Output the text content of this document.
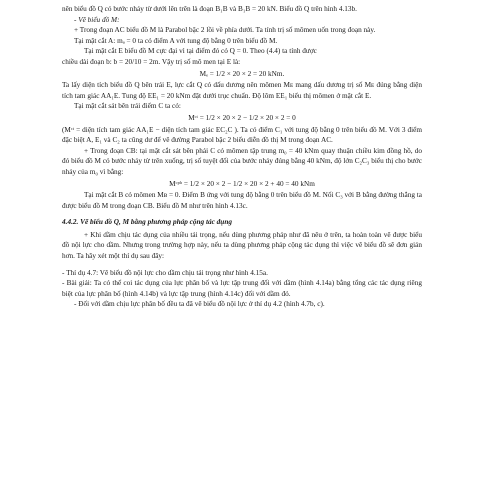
nên biểu đồ Q có bước nhảy từ dưới lên trên là đoạn B₁B và B₁B = 20 kN. Biểu đồ Q trên hình 4.13b.

- Vẽ biểu đồ M:

+ Trong đoạn AC biểu đồ M là Parabol bậc 2 lồi về phía dưới. Ta tính trị số mômen uốn trong đoạn này.

Tại mặt cắt A: mₐ = 0 ta có điểm A với tung độ bằng 0 trên biểu đồ M.

Tại mặt cắt E biểu đồ M cực đại vì tại điểm đó có Q = 0. Theo (4.4) ta tính được

chiều dài đoạn b: b = 20/10 = 2m. Vậy trị số mô men tại E là:

Mₑ = 1/2 × 20 × 2 = 20 kNm.

Ta lấy diện tích biểu đồ Q bên trái E, lực cắt Q có dấu dương nên mômen Mᴇ mang dấu dương trị số Mᴇ đúng bằng diện tích tam giác AA₁E. Tung độ EE₁ = 20 kNm đặt dưới trục chuẩn. Độ lõm EE₁ biểu thị mômen ở mặt cắt E.

Tại mặt cắt sát bên trái điểm C ta có:

Mᶜᵗ = 1/2 × 20 × 2 − 1/2 × 20 × 2 = 0

(Mᶜᵗ = diện tích tam giác AA₁E − diện tích tam giác EC₂C ). Ta có điểm C₁ với tung độ bằng 0 trên biểu đồ M. Với 3 điểm đặc biệt A, E₁ và C₂ ta cũng dư để vẽ đường Parabol bậc 2 biểu diễn đồ thị M trong đoạn AC.

+ Trong đoạn CB: tại mặt cắt sát bên phải C có mômen tập trung m₀ = 40 kNm quay thuận chiều kim đồng hồ, do đó biểu đồ M có bước nhảy từ trên xuống, trị số tuyệt đối của bước nhảy đúng bằng 40 kNm, độ lớn C₂C₃ biểu thị cho bước nhảy của m₀ vì bằng:

Mᶜᵖʰ = 1/2 × 20 × 2 − 1/2 × 20 × 2 + 40 = 40 kNm

Tại mặt cắt B có mômen Mʙ = 0. Điểm B ứng với tung độ bằng 0 trên biểu đồ M. Nối C₃ với B bằng đường thẳng ta được biểu đồ M trong đoạn CB. Biểu đồ M như trên hình 4.13c.

4.4.2. Vẽ biểu đồ Q, M bằng phương pháp cộng tác dụng

+ Khi dầm chịu tác dụng của nhiều tải trọng, nếu dùng phương pháp như đã nêu ở trên, ta hoàn toàn vẽ được biểu đồ nội lực cho dầm. Nhưng trong trường hợp này, nếu ta dùng phương pháp cộng tác dụng thì việc vẽ biểu đồ sẽ đơn giản hơn. Ta hãy xét một thí dụ sau đây:

- Thí dụ 4.7: Vẽ biểu đồ nội lực cho dầm chịu tải trọng như hình 4.15a.

- Bài giải: Ta có thể coi tác dụng của lực phân bố và lực tập trung đối với dầm (hình 4.14a) bằng tổng các tác dụng riêng biệt của lực phân bố (hình 4.14b) và lực tập trung (hình 4.14c) đối với dầm đó.

- Đối với dầm chịu lực phân bố đều ta đã vẽ biểu đồ nội lực ở thí dụ 4.2 (hình 4.7b, c).
